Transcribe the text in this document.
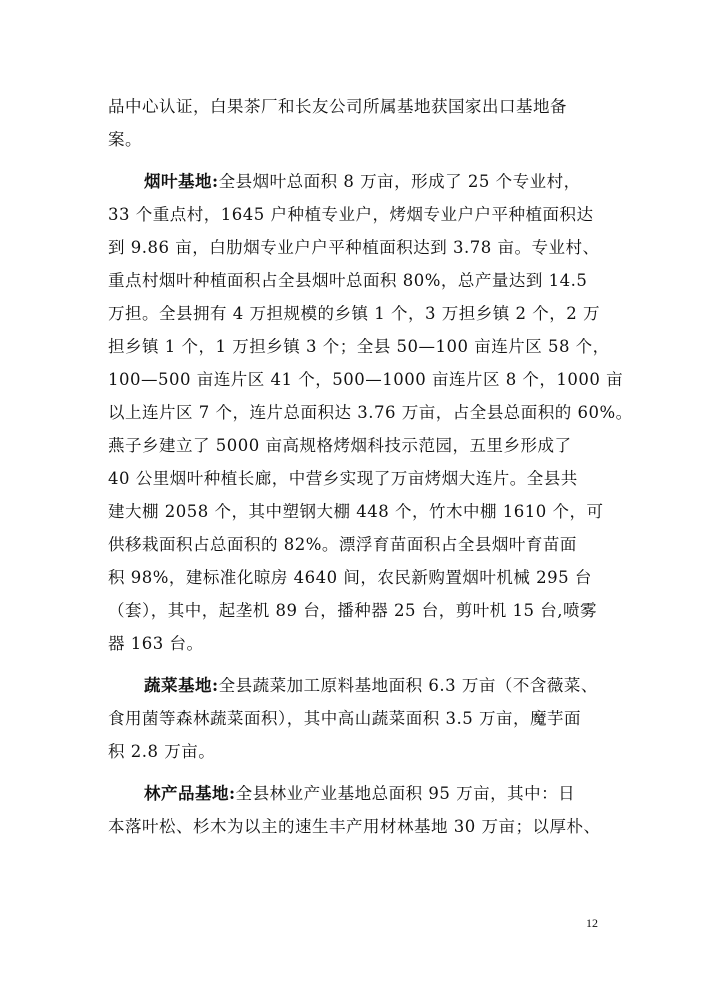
品中心认证，白果茶厂和长友公司所属基地获国家出口基地备
案。
烟叶基地:全县烟叶总面积 8 万亩，形成了 25 个专业村，
33 个重点村，1645 户种植专业户，烤烟专业户户平种植面积达
到 9.86 亩，白肋烟专业户户平种植面积达到 3.78 亩。专业村、
重点村烟叶种植面积占全县烟叶总面积 80%，总产量达到 14.5
万担。全县拥有 4 万担规模的乡镇 1 个，3 万担乡镇 2 个，2 万
担乡镇 1 个，1 万担乡镇 3 个；全县 50—100 亩连片区 58 个，
100—500 亩连片区 41 个，500—1000 亩连片区 8 个，1000 亩
以上连片区 7 个，连片总面积达 3.76 万亩，占全县总面积的 60%。
燕子乡建立了 5000 亩高规格烤烟科技示范园，五里乡形成了
40 公里烟叶种植长廊，中营乡实现了万亩烤烟大连片。全县共
建大棚 2058 个，其中塑钢大棚 448 个，竹木中棚 1610 个，可
供移栽面积占总面积的 82%。漂浮育苗面积占全县烟叶育苗面
积 98%，建标准化晾房 4640 间，农民新购置烟叶机械 295 台
（套），其中，起垄机 89 台，播种器 25 台，剪叶机 15 台,喷雾
器 163 台。
蔬菜基地:全县蔬菜加工原料基地面积 6.3 万亩（不含薇菜、
食用菌等森林蔬菜面积），其中高山蔬菜面积 3.5 万亩，魔芋面
积 2.8 万亩。
林产品基地:全县林业产业基地总面积 95 万亩，其中：日
本落叶松、杉木为以主的速生丰产用材林基地 30 万亩；以厚朴、
12
